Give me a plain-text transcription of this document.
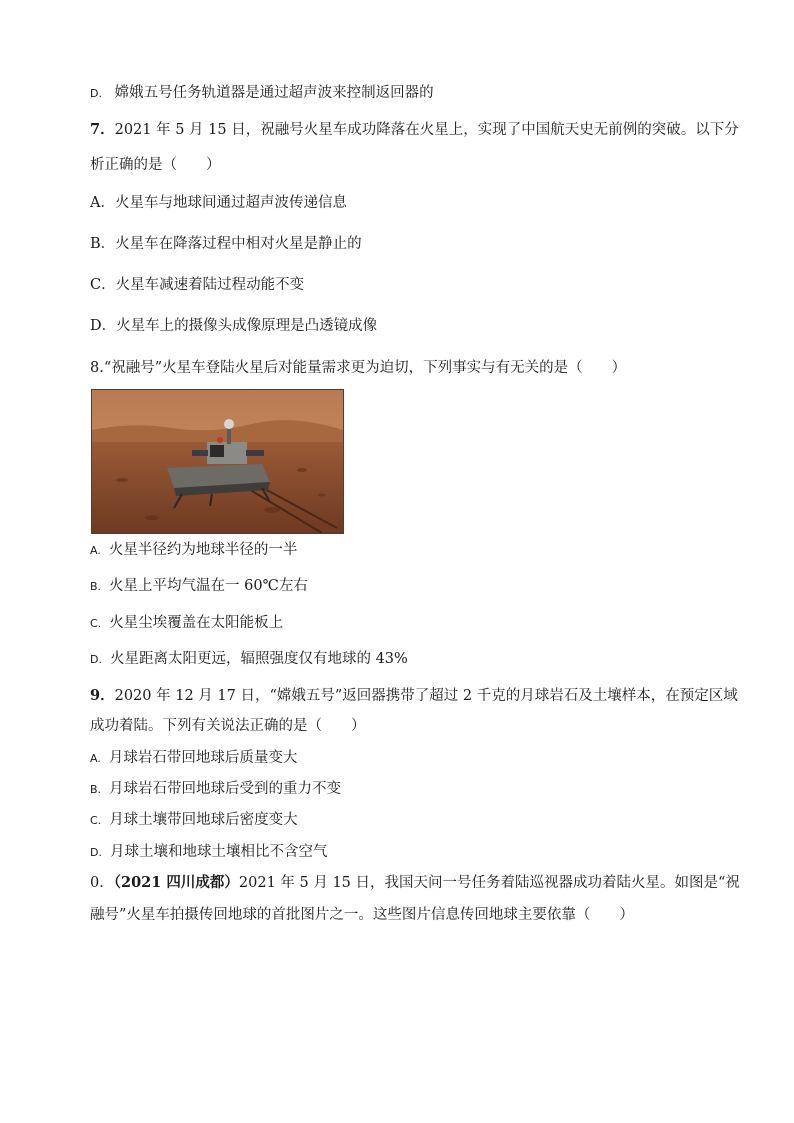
D. 嫦娥五号任务轨道器是通过超声波来控制返回器的
7．2021 年 5 月 15 日，祝融号火星车成功降落在火星上，实现了中国航天史无前例的突破。以下分
析正确的是（　　）
A．火星车与地球间通过超声波传递信息
B．火星车在降落过程中相对火星是静止的
C．火星车减速着陆过程动能不变
D．火星车上的摄像头成像原理是凸透镜成像
8.“祝融号”火星车登陆火星后对能量需求更为迫切，下列事实与有无关的是（　　）
A. 火星半径约为地球半径的一半
B. 火星上平均气温在一 60℃左右
C. 火星尘埃覆盖在太阳能板上
D. 火星距离太阳更远，辐照强度仅有地球的 43%
9．2020 年 12 月 17 日，“嫦娥五号”返回器携带了超过 2 千克的月球岩石及土壤样本，在预定区域
成功着陆。下列有关说法正确的是（　　）
A. 月球岩石带回地球后质量变大
B. 月球岩石带回地球后受到的重力不变
C. 月球土壤带回地球后密度变大
D. 月球土壤和地球土壤相比不含空气
0．（2021 四川成都）2021 年 5 月 15 日，我国天问一号任务着陆巡视器成功着陆火星。如图是“祝
融号”火星车拍摄传回地球的首批图片之一。这些图片信息传回地球主要依靠（　　）
